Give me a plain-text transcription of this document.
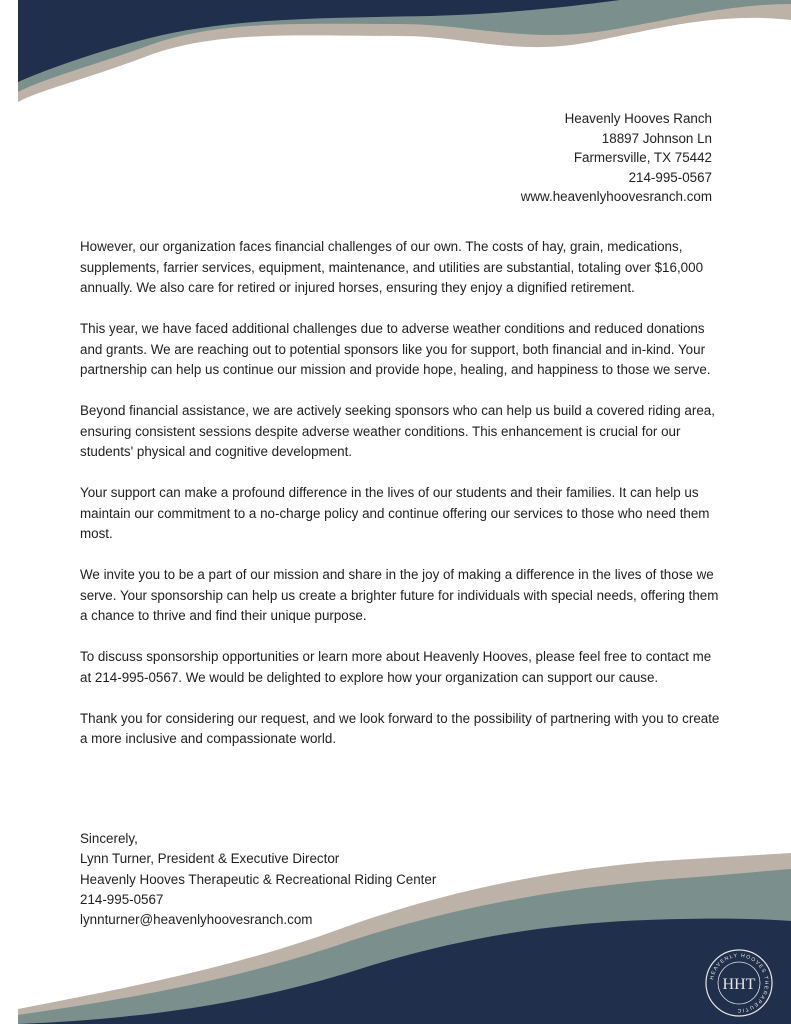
Heavenly Hooves Ranch
18897 Johnson Ln
Farmersville, TX 75442
214-995-0567
www.heavenlyhoovesranch.com

However, our organization faces financial challenges of our own. The costs of hay, grain, medications, supplements, farrier services, equipment, maintenance, and utilities are substantial, totaling over $16,000 annually. We also care for retired or injured horses, ensuring they enjoy a dignified retirement.

This year, we have faced additional challenges due to adverse weather conditions and reduced donations and grants. We are reaching out to potential sponsors like you for support, both financial and in-kind. Your partnership can help us continue our mission and provide hope, healing, and happiness to those we serve.

Beyond financial assistance, we are actively seeking sponsors who can help us build a covered riding area, ensuring consistent sessions despite adverse weather conditions. This enhancement is crucial for our students' physical and cognitive development.

Your support can make a profound difference in the lives of our students and their families. It can help us maintain our commitment to a no-charge policy and continue offering our services to those who need them most.

We invite you to be a part of our mission and share in the joy of making a difference in the lives of those we serve. Your sponsorship can help us create a brighter future for individuals with special needs, offering them a chance to thrive and find their unique purpose.

To discuss sponsorship opportunities or learn more about Heavenly Hooves, please feel free to contact me at 214-995-0567. We would be delighted to explore how your organization can support our cause.

Thank you for considering our request, and we look forward to the possibility of partnering with you to create a more inclusive and compassionate world.

Sincerely,
Lynn Turner, President & Executive Director
Heavenly Hooves Therapeutic & Recreational Riding Center
214-995-0567
lynnturner@heavenlyhoovesranch.com
HEAVENLY HOOVES THERAPEUTIC
HHT
